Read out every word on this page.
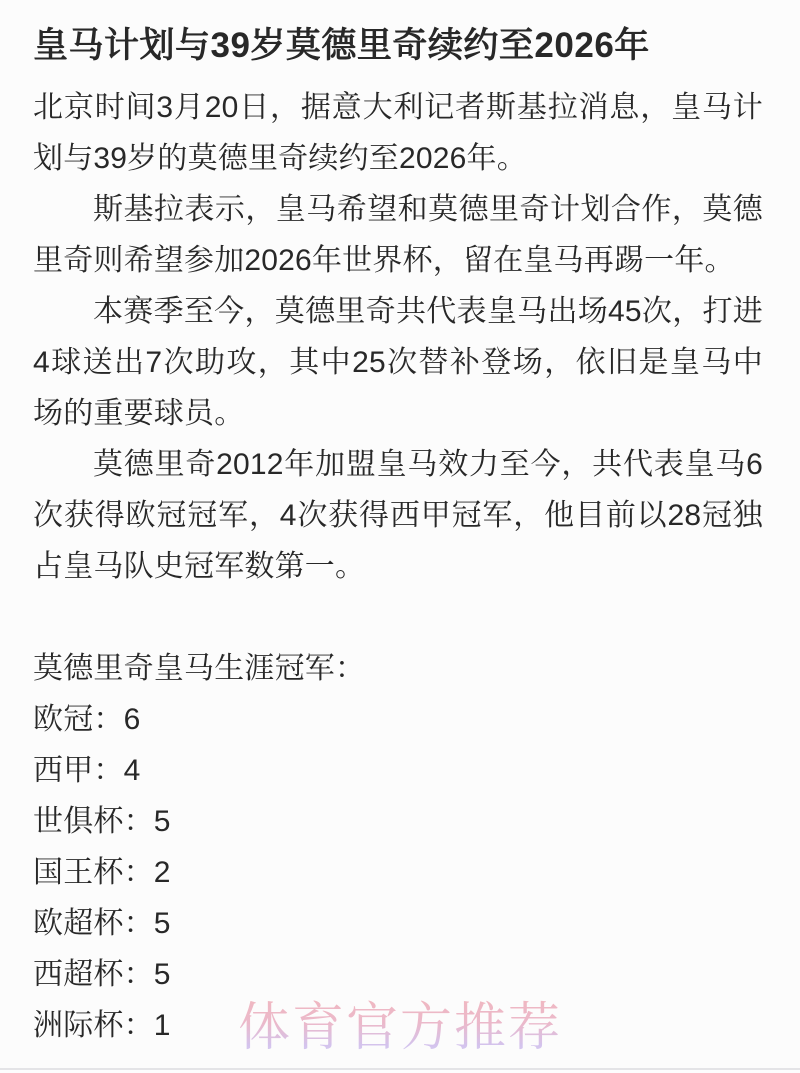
皇马计划与39岁莫德里奇续约至2026年

北京时间3月20日，据意大利记者斯基拉消息，皇马计划与39岁的莫德里奇续约至2026年。

斯基拉表示，皇马希望和莫德里奇计划合作，莫德里奇则希望参加2026年世界杯，留在皇马再踢一年。

本赛季至今，莫德里奇共代表皇马出场45次，打进4球送出7次助攻，其中25次替补登场，依旧是皇马中场的重要球员。

莫德里奇2012年加盟皇马效力至今，共代表皇马6次获得欧冠冠军，4次获得西甲冠军，他目前以28冠独占皇马队史冠军数第一。

莫德里奇皇马生涯冠军：

欧冠：6

西甲：4

世俱杯：5

国王杯：2

欧超杯：5

西超杯：5

洲际杯：1	体育官方推荐
